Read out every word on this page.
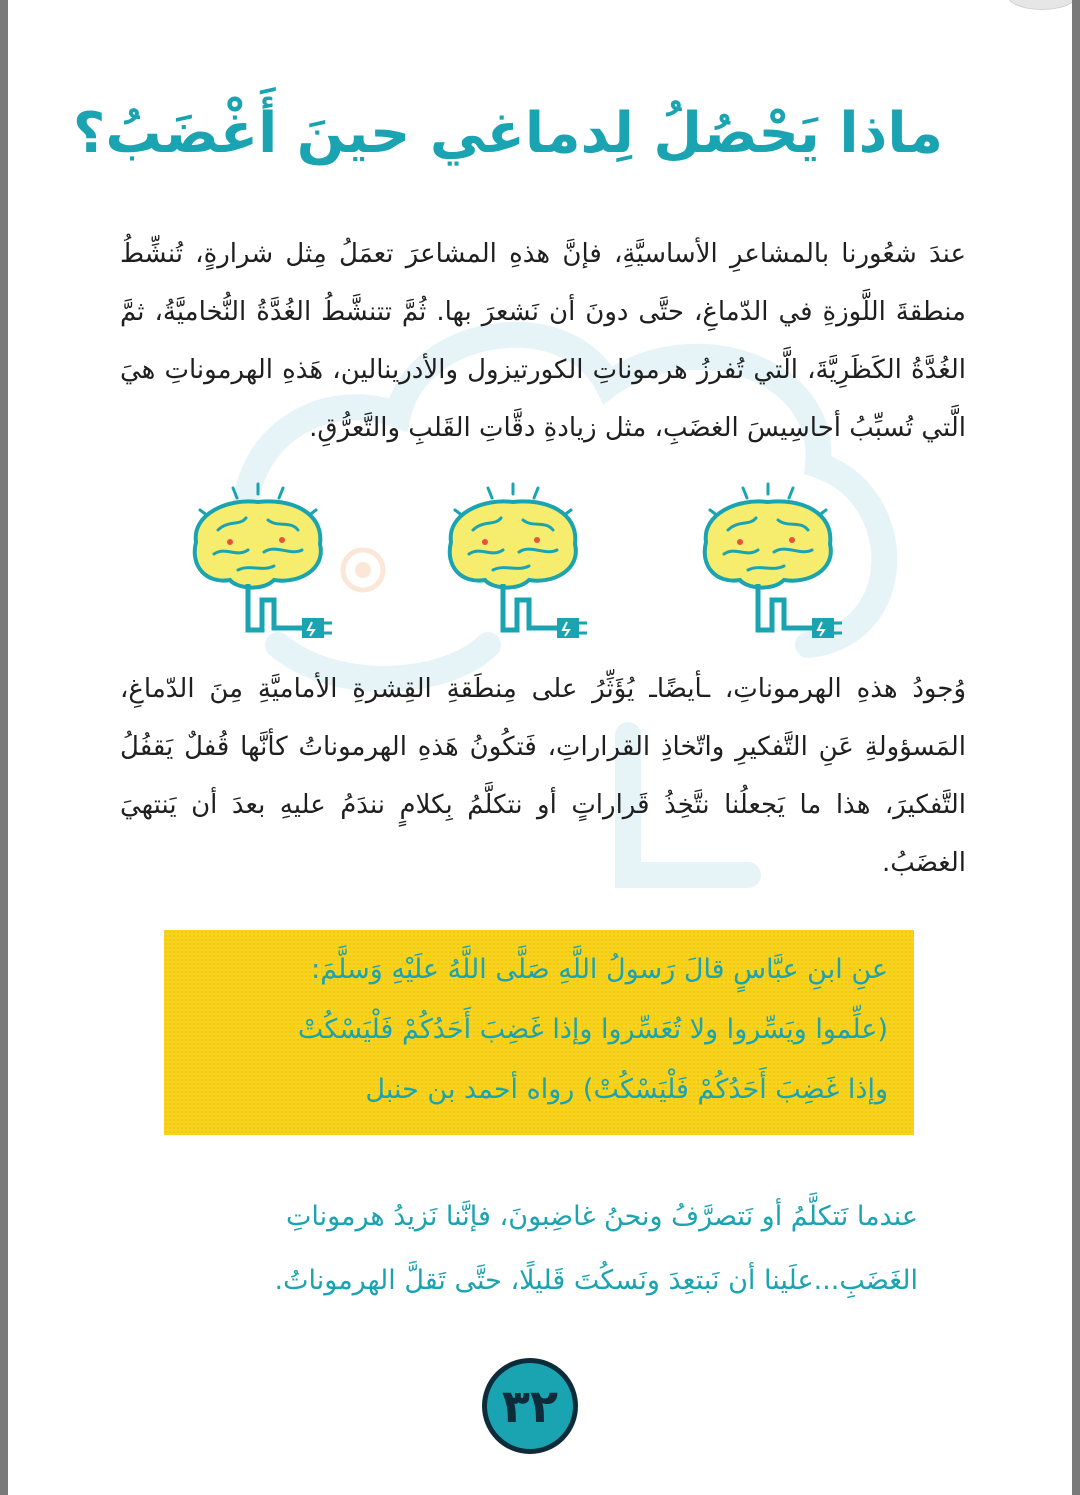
ماذا يَحْصُلُ لِدماغي حينَ أَغْضَبُ؟
عندَ شعُورنا بالمشاعرِ الأساسيَّةِ، فإنَّ هذهِ المشاعرَ تعمَلُ مِثل شرارةٍ، تُنشِّطُ منطقةَ اللَّوزةِ في الدّماغِ، حتَّى دونَ أن نَشعرَ بها. ثُمَّ تتنشَّطُ الغُدَّةُ النُّخاميَّةُ، ثمَّ الغُدَّةُ الكَظَرِيَّةَ، الَّتي تُفرزُ هرموناتِ الكورتيزول والأدرينالين، هَذهِ الهرموناتِ هيَ الَّتي تُسبِّبُ أحاسِيسَ الغضَبِ، مثل زيادةِ دقَّاتِ القَلبِ والتَّعرُّقِ.
وُجودُ هذهِ الهرموناتِ، ـأيضًاـ يُؤَثِّرُ على مِنطَقةِ القِشرةِ الأماميَّةِ مِنَ الدّماغِ، المَسؤولةِ عَنِ التَّفكيرِ واتّخاذِ القراراتِ، فَتكُونُ هَذهِ الهرموناتُ كأنَّها قُفلٌ يَقفُلُ التَّفكيرَ، هذا ما يَجعلُنا نتَّخِذُ قَراراتٍ أو نتكلَّمُ بِكلامٍ نندَمُ عليهِ بعدَ أن يَنتهيَ الغضَبُ.
عنِ ابنِ عبَّاسٍ قالَ رَسولُ اللَّهِ صَلَّى اللَّهُ علَيْهِ وَسلَّمَ:
(علِّموا ويَسِّروا ولا تُعَسِّروا وإذا غَضِبَ أَحَدُكُمْ فَلْيَسْكُتْ
وإذا غَضِبَ أَحَدُكُمْ فَلْيَسْكُتْ) رواه أحمد بن حنبل
عندما نَتكلَّمُ أو نَتصرَّفُ ونحنُ غاضِبونَ، فإنَّنا نَزيدُ هرموناتِ الغَضَبِ...علَينا أن نَبتعِدَ ونَسكُتَ قَليلًا، حتَّى تَقلَّ الهرموناتُ.
٣٢
